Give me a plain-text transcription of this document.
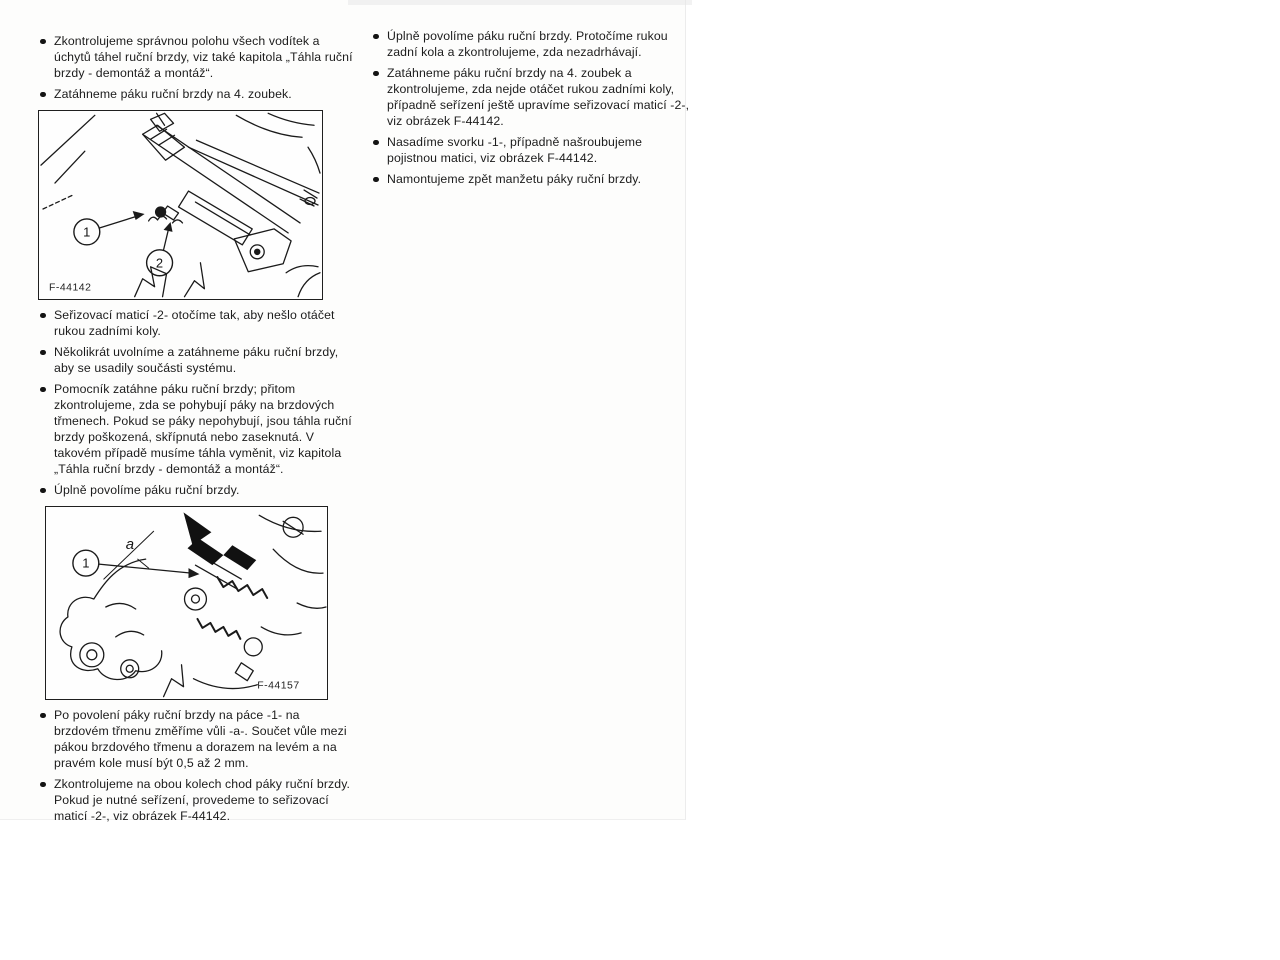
Zkontrolujeme správnou polohu všech vodítek a úchytů táhel ruční brzdy, viz také kapitola „Táhla ruční brzdy - demontáž a montáž“.
Zatáhneme páku ruční brzdy na 4. zoubek.
1
2
F-44142
Seřizovací maticí -2- otočíme tak, aby nešlo otáčet rukou zadními koly.
Několikrát uvolníme a zatáhneme páku ruční brzdy, aby se usadily součásti systému.
Pomocník zatáhne páku ruční brzdy; přitom zkontrolujeme, zda se pohybují páky na brzdových třmenech. Pokud se páky nepohybují, jsou táhla ruční brzdy poškozená, skřípnutá nebo zaseknutá. V takovém případě musíme táhla vyměnit, viz kapitola „Táhla ruční brzdy - demontáž a montáž“.
Úplně povolíme páku ruční brzdy.
1
a
F-44157
Po povolení páky ruční brzdy na páce -1- na brzdovém třmenu změříme vůli -a-. Součet vůle mezi pákou brzdového třmenu a dorazem na levém a na pravém kole musí být 0,5 až 2 mm.
Zkontrolujeme na obou kolech chod páky ruční brzdy. Pokud je nutné seřízení, provedeme to seřizovací maticí -2-, viz obrázek F-44142.
Úplně povolíme páku ruční brzdy. Protočíme rukou zadní kola a zkontrolujeme, zda nezadrhávají.
Zatáhneme páku ruční brzdy na 4. zoubek a zkontrolujeme, zda nejde otáčet rukou zadními koly, případně seřízení ještě upravíme seřizovací maticí -2-, viz obrázek F-44142.
Nasadíme svorku -1-, případně našroubujeme pojistnou matici, viz obrázek F-44142.
Namontujeme zpět manžetu páky ruční brzdy.
